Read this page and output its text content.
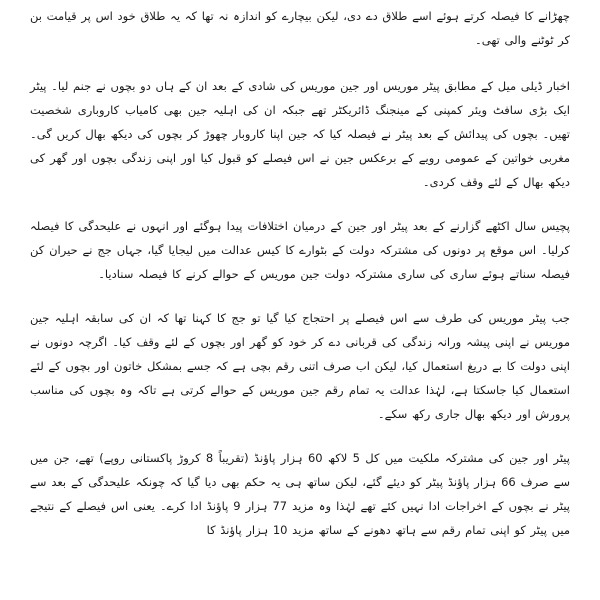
چھڑانے کا فیصلہ کرتے ہوئے اسے طلاق دے دی، لیکن بیچارے کو اندازہ نہ تھا کہ یہ طلاق خود اس پر قیامت بن کر ٹوٹنے والی تھی۔

اخبار ڈیلی میل کے مطابق پیٹر موریس اور جین موریس کی شادی کے بعد ان کے ہاں دو بچوں نے جنم لیا۔ پیٹر ایک بڑی سافٹ ویئر کمپنی کے مینجنگ ڈائریکٹر تھے جبکہ ان کی اہلیہ جین بھی کامیاب کاروباری شخصیت تھیں۔ بچوں کی پیدائش کے بعد پیٹر نے فیصلہ کیا کہ جین اپنا کاروبار چھوڑ کر بچوں کی دیکھ بھال کریں گی۔ مغربی خواتین کے عمومی رویے کے برعکس جین نے اس فیصلے کو قبول کیا اور اپنی زندگی بچوں اور گھر کی دیکھ بھال کے لئے وقف کردی۔

پچیس سال اکٹھے گزارنے کے بعد پیٹر اور جین کے درمیان اختلافات پیدا ہوگئے اور انہوں نے علیحدگی کا فیصلہ کرلیا۔ اس موقع پر دونوں کی مشترکہ دولت کے بٹوارے کا کیس عدالت میں لیجایا گیا، جہاں جج نے حیران کن فیصلہ سناتے ہوئے ساری کی ساری مشترکہ دولت جین موریس کے حوالے کرنے کا فیصلہ سنادیا۔

جب پیٹر موریس کی طرف سے اس فیصلے پر احتجاج کیا گیا تو جج کا کہنا تھا کہ ان کی سابقہ اہلیہ جین موریس نے اپنی پیشہ ورانہ زندگی کی قربانی دے کر خود کو گھر اور بچوں کے لئے وقف کیا۔ اگرچہ دونوں نے اپنی دولت کا بے دریغ استعمال کیا، لیکن اب صرف اتنی رقم بچی ہے کہ جسے بمشکل خاتون اور بچوں کے لئے استعمال کیا جاسکتا ہے، لہٰذا عدالت یہ تمام رقم جین موریس کے حوالے کرتی ہے تاکہ وہ بچوں کی مناسب پرورش اور دیکھ بھال جاری رکھ سکے۔

پیٹر اور جین کی مشترکہ ملکیت میں کل 5 لاکھ 60 ہزار پاؤنڈ (تقریباً 8 کروڑ پاکستانی روپے) تھے، جن میں سے صرف 66 ہزار پاؤنڈ پیٹر کو دیئے گئے، لیکن ساتھ ہی یہ حکم بھی دیا گیا کہ چونکہ علیحدگی کے بعد سے پیٹر نے بچوں کے اخراجات ادا نہیں کئے تھے لہٰذا وہ مزید 77 ہزار 9 پاؤنڈ ادا کرے۔ یعنی اس فیصلے کے نتیجے میں پیٹر کو اپنی تمام رقم سے ہاتھ دھونے کے ساتھ مزید 10 ہزار پاؤنڈ کا
